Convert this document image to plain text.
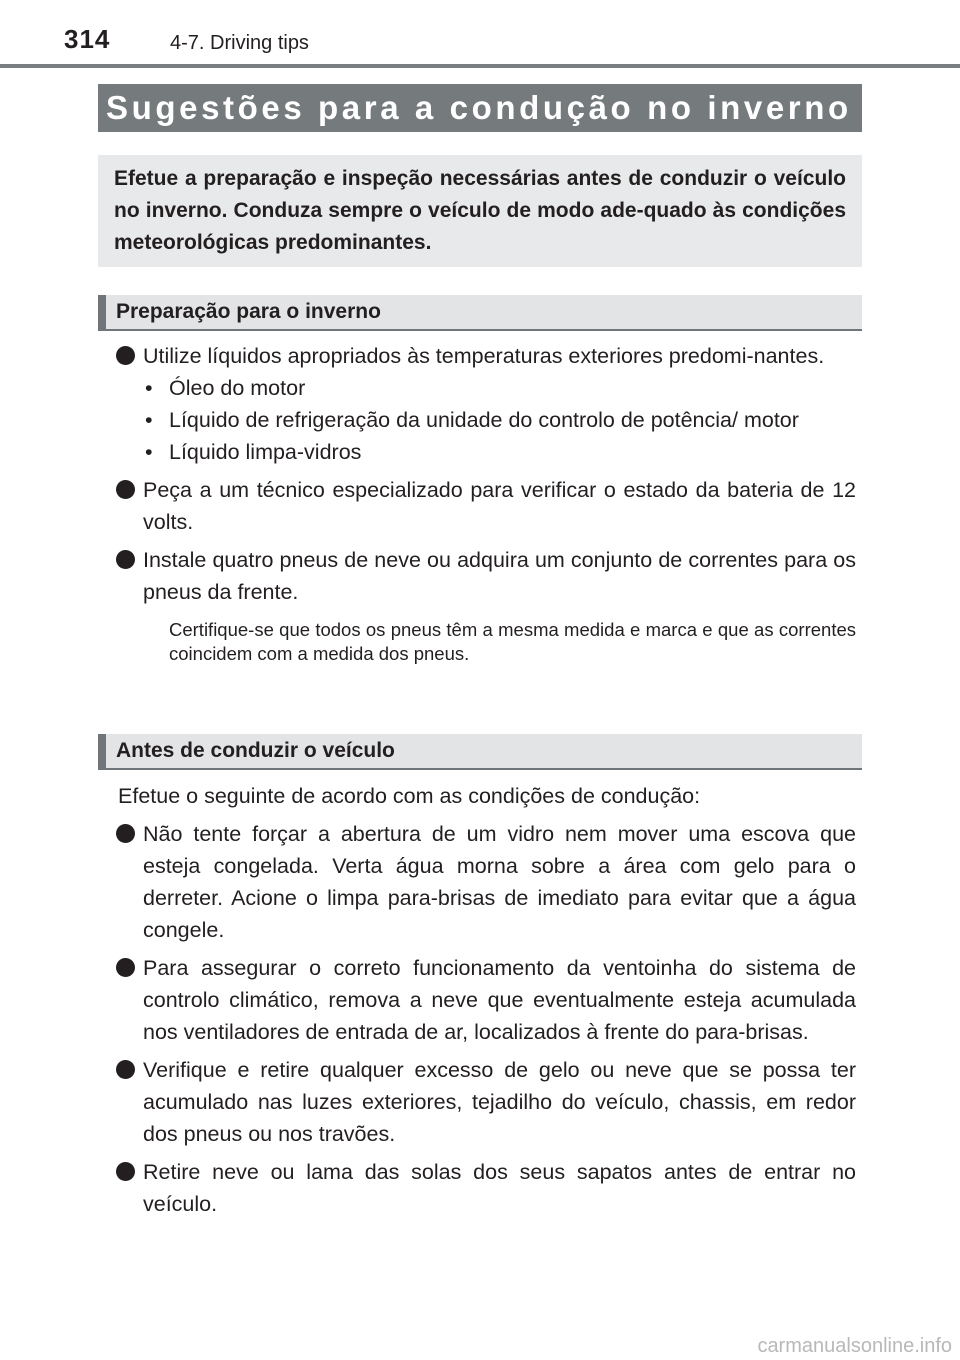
314	4-7. Driving tips
Sugestões para a condução no inverno
Efetue a preparação e inspeção necessárias antes de conduzir o veículo no inverno. Conduza sempre o veículo de modo ade-quado às condições meteorológicas predominantes.
Preparação para o inverno
Utilize líquidos apropriados às temperaturas exteriores predomi-nantes.
• Óleo do motor
• Líquido de refrigeração da unidade do controlo de potência/ motor
• Líquido limpa-vidros
Peça a um técnico especializado para verificar o estado da bateria de 12 volts.
Instale quatro pneus de neve ou adquira um conjunto de correntes para os pneus da frente.
Certifique-se que todos os pneus têm a mesma medida e marca e que as correntes coincidem com a medida dos pneus.
Antes de conduzir o veículo
Efetue o seguinte de acordo com as condições de condução:
Não tente forçar a abertura de um vidro nem mover uma escova que esteja congelada. Verta água morna sobre a área com gelo para o derreter. Acione o limpa para-brisas de imediato para evitar que a água congele.
Para assegurar o correto funcionamento da ventoinha do sistema de controlo climático, remova a neve que eventualmente esteja acumulada nos ventiladores de entrada de ar, localizados à frente do para-brisas.
Verifique e retire qualquer excesso de gelo ou neve que se possa ter acumulado nas luzes exteriores, tejadilho do veículo, chassis, em redor dos pneus ou nos travões.
Retire neve ou lama das solas dos seus sapatos antes de entrar no veículo.
carmanualsonline.info
